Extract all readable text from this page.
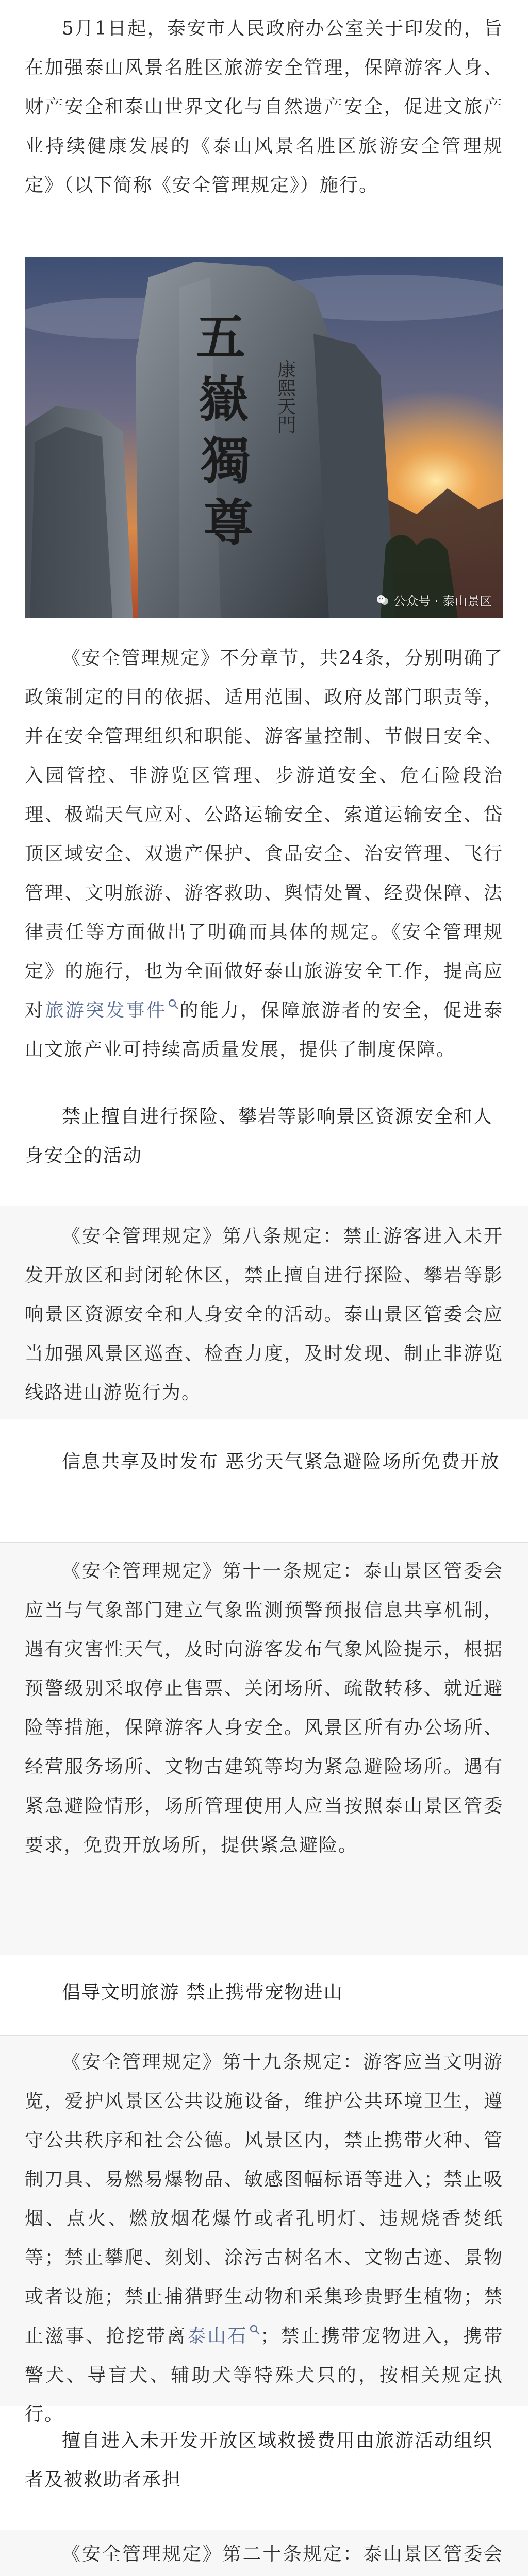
5月1日起，泰安市人民政府办公室关于印发的，旨在加强泰山风景名胜区旅游安全管理，保障游客人身、财产安全和泰山世界文化与自然遗产安全，促进文旅产业持续健康发展的《泰山风景名胜区旅游安全管理规定》（以下简称《安全管理规定》）施行。

五
嶽
獨
尊
康熙天門
公众号 · 泰山景区

《安全管理规定》不分章节，共24条，分别明确了政策制定的目的依据、适用范围、政府及部门职责等，并在安全管理组织和职能、游客量控制、节假日安全、入园管控、非游览区管理、步游道安全、危石险段治理、极端天气应对、公路运输安全、索道运输安全、岱顶区域安全、双遗产保护、食品安全、治安管理、飞行管理、文明旅游、游客救助、舆情处置、经费保障、法律责任等方面做出了明确而具体的规定。《安全管理规定》的施行，也为全面做好泰山旅游安全工作，提高应对旅游突发事件 的能力，保障旅游者的安全，促进泰山文旅产业可持续高质量发展，提供了制度保障。

禁止擅自进行探险、攀岩等影响景区资源安全和人身安全的活动

《安全管理规定》第八条规定：禁止游客进入未开发开放区和封闭轮休区，禁止擅自进行探险、攀岩等影响景区资源安全和人身安全的活动。泰山景区管委会应当加强风景区巡查、检查力度，及时发现、制止非游览线路进山游览行为。

信息共享及时发布 恶劣天气紧急避险场所免费开放

《安全管理规定》第十一条规定：泰山景区管委会应当与气象部门建立气象监测预警预报信息共享机制，遇有灾害性天气，及时向游客发布气象风险提示，根据预警级别采取停止售票、关闭场所、疏散转移、就近避险等措施，保障游客人身安全。风景区所有办公场所、经营服务场所、文物古建筑等均为紧急避险场所。遇有紧急避险情形，场所管理使用人应当按照泰山景区管委要求，免费开放场所，提供紧急避险。

倡导文明旅游 禁止携带宠物进山

《安全管理规定》第十九条规定：游客应当文明游览，爱护风景区公共设施设备，维护公共环境卫生，遵守公共秩序和社会公德。风景区内，禁止携带火种、管制刀具、易燃易爆物品、敏感图幅标语等进入；禁止吸烟、点火、燃放烟花爆竹或者孔明灯、违规烧香焚纸等；禁止攀爬、刻划、涂污古树名木、文物古迹、景物或者设施；禁止捕猎野生动物和采集珍贵野生植物；禁止滋事、抢挖带离泰山石 ；禁止携带宠物进入，携带警犬、导盲犬、辅助犬等特殊犬只的，按相关规定执行。

擅自进入未开发开放区域救援费用由旅游活动组织者及被救助者承担

《安全管理规定》第二十条规定：泰山景区管委会
